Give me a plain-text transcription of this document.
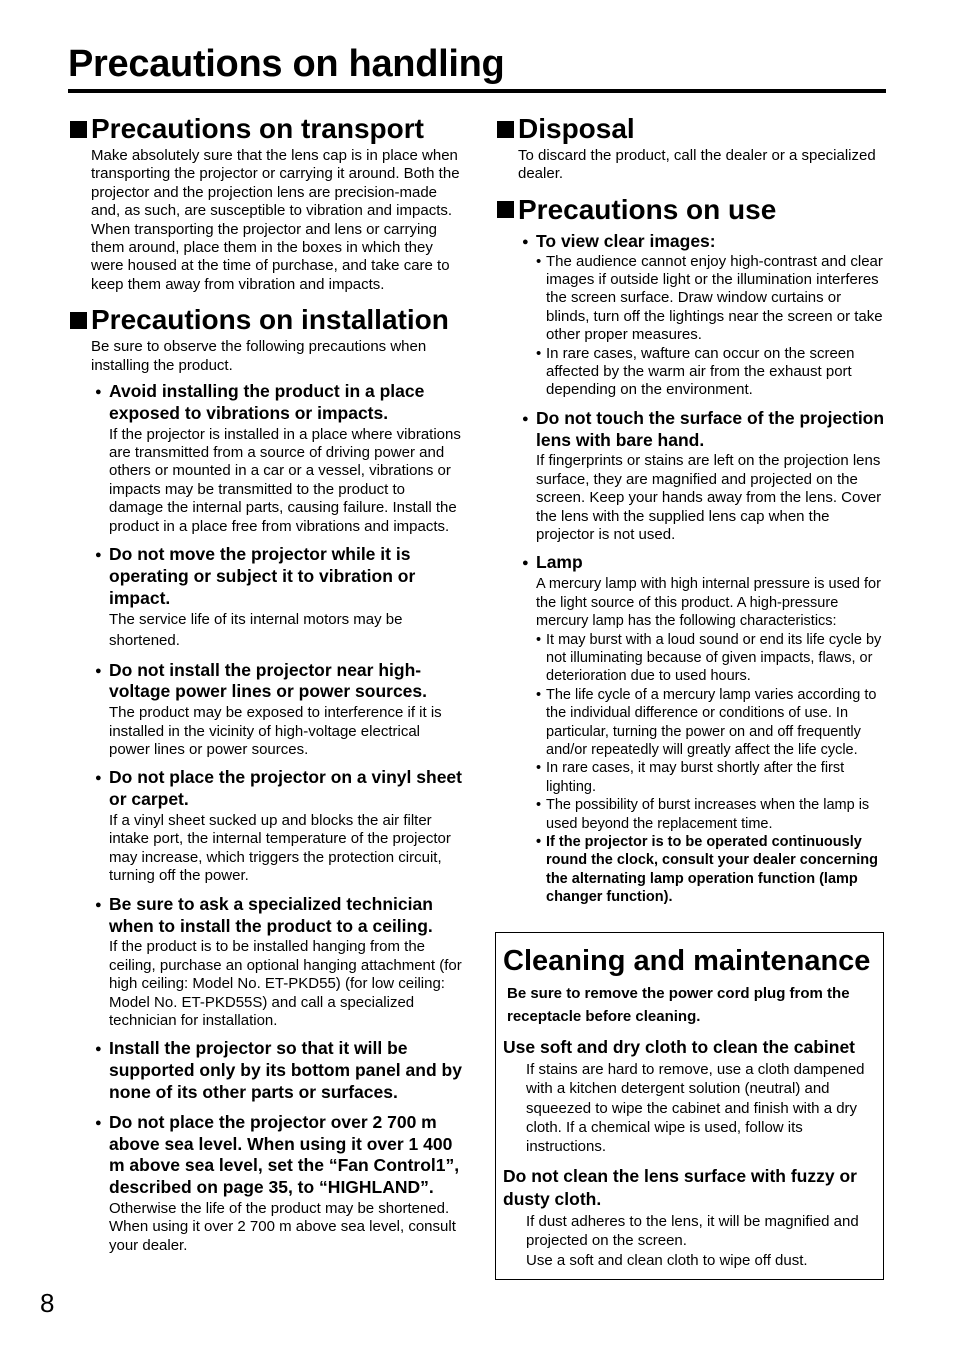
Precautions on handling
Precautions on transport

Make absolutely sure that the lens cap is in place when transporting the projector or carrying it around. Both the projector and the projection lens are precision-made and, as such, are susceptible to vibration and impacts. When transporting the projector and lens or carrying them around, place them in the boxes in which they were housed at the time of purchase, and take care to keep them away from vibration and impacts.

Precautions on installation

Be sure to observe the following precautions when installing the product.

● Avoid installing the product in a place exposed to vibrations or impacts.
If the projector is installed in a place where vibrations are transmitted from a source of driving power and others or mounted in a car or a vessel, vibrations or impacts may be transmitted to the product to damage the internal parts, causing failure. Install the product in a place free from vibrations and impacts.
● Do not move the projector while it is operating or subject it to vibration or impact.
The service life of its internal motors may be shortened.
● Do not install the projector near high-voltage power lines or power sources.
The product may be exposed to interference if it is installed in the vicinity of high-voltage electrical power lines or power sources.
● Do not place the projector on a vinyl sheet or carpet.
If a vinyl sheet sucked up and blocks the air filter intake port, the internal temperature of the projector may increase, which triggers the protection circuit, turning off the power.
● Be sure to ask a specialized technician when to install the product to a ceiling.
If the product is to be installed hanging from the ceiling, purchase an optional hanging attachment (for high ceiling: Model No. ET-PKD55) (for low ceiling: Model No. ET-PKD55S) and call a specialized technician for installation.
● Install the projector so that it will be supported only by its bottom panel and by none of its other parts or surfaces.
● Do not place the projector over 2 700 m above sea level. When using it over 1 400 m above sea level, set the “Fan Control1”, described on page 35, to “HIGHLAND”.
Otherwise the life of the product may be shortened. When using it over 2 700 m above sea level, consult your dealer.
Disposal

To discard the product, call the dealer or a specialized dealer.

Precautions on use
● To view clear images:
• The audience cannot enjoy high-contrast and clear images if outside light or the illumination interferes the screen surface. Draw window curtains or blinds, turn off the lightings near the screen or take other proper measures.
• In rare cases, wafture can occur on the screen affected by the warm air from the exhaust port depending on the environment.
● Do not touch the surface of the projection lens with bare hand.
If fingerprints or stains are left on the projection lens surface, they are magnified and projected on the screen. Keep your hands away from the lens. Cover the lens with the supplied lens cap when the projector is not used.
● Lamp
A mercury lamp with high internal pressure is used for the light source of this product. A high-pressure mercury lamp has the following characteristics:
• It may burst with a loud sound or end its life cycle by not illuminating because of given impacts, flaws, or deterioration due to used hours.
• The life cycle of a mercury lamp varies according to the individual difference or conditions of use. In particular, turning the power on and off frequently and/or repeatedly will greatly affect the life cycle.
• In rare cases, it may burst shortly after the first lighting.
• The possibility of burst increases when the lamp is used beyond the replacement time.
• If the projector is to be operated continuously round the clock, consult your dealer concerning the alternating lamp operation function (lamp changer function).
Cleaning and maintenance
Be sure to remove the power cord plug from the receptacle before cleaning.
Use soft and dry cloth to clean the cabinet
If stains are hard to remove, use a cloth dampened with a kitchen detergent solution (neutral) and squeezed to wipe the cabinet and finish with a dry cloth. If a chemical wipe is used, follow its instructions.
Do not clean the lens surface with fuzzy or dusty cloth.
If dust adheres to the lens, it will be magnified and projected on the screen.
Use a soft and clean cloth to wipe off dust.
8
